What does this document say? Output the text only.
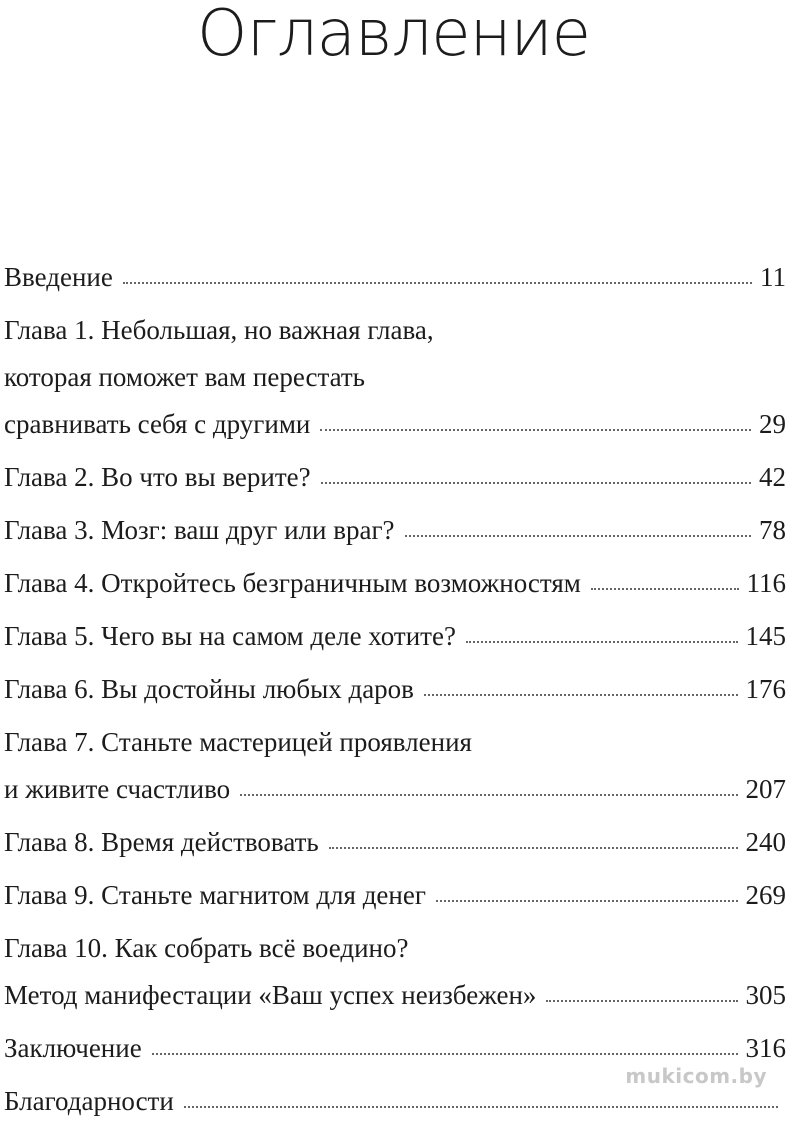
Оглавление
Введение	11
Глава 1. Небольшая, но важная глава,
которая поможет вам перестать
сравнивать себя с другими	29
Глава 2. Во что вы верите?	42
Глава 3. Мозг: ваш друг или враг?	78
Глава 4. Откройтесь безграничным возможностям	116
Глава 5. Чего вы на самом деле хотите?	145
Глава 6. Вы достойны любых даров	176
Глава 7. Станьте мастерицей проявления
и живите счастливо	207
Глава 8. Время действовать	240
Глава 9. Станьте магнитом для денег	269
Глава 10. Как собрать всё воедино?
Метод манифестации «Ваш успех неизбежен»	305
Заключение	316
Благодарности
mukicom.by
